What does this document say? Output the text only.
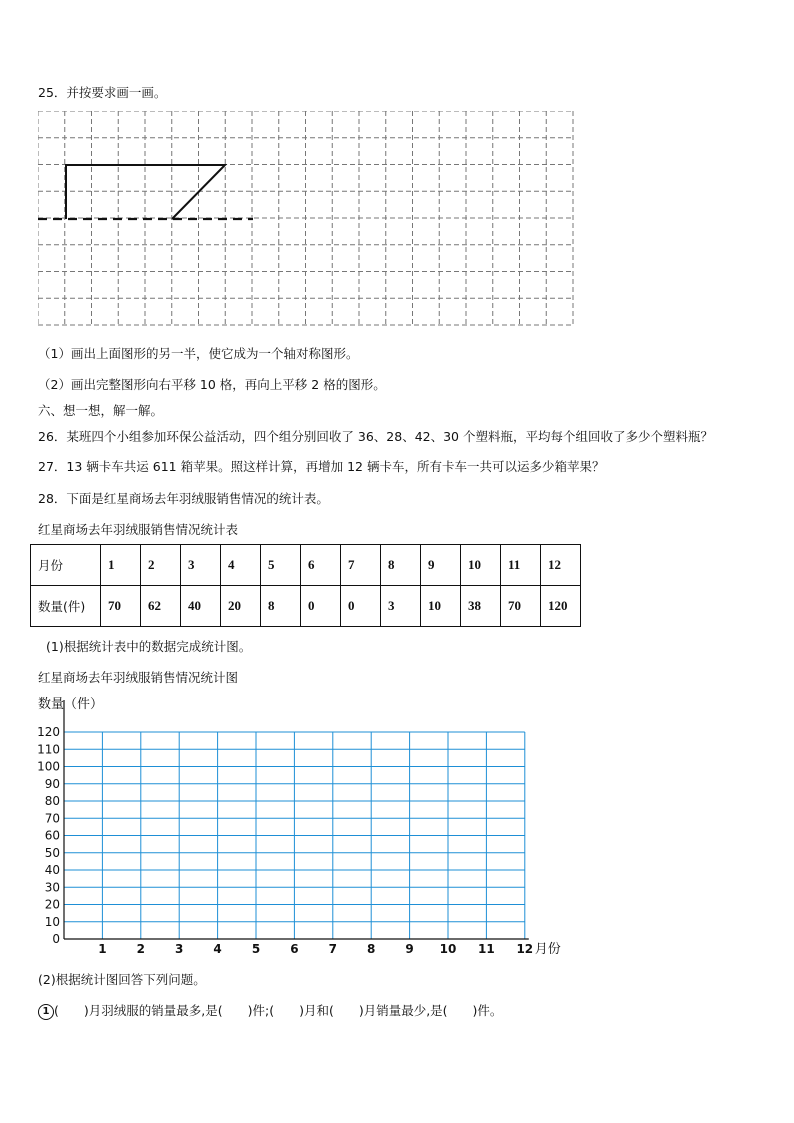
25．并按要求画一画。
（1）画出上面图形的另一半，使它成为一个轴对称图形。
（2）画出完整图形向右平移 10 格，再向上平移 2 格的图形。
六、想一想，解一解。
26．某班四个小组参加环保公益活动，四个组分别回收了 36、28、42、30 个塑料瓶，平均每个组回收了多少个塑料瓶？
27．13 辆卡车共运 611 箱苹果。照这样计算，再增加 12 辆卡车，所有卡车一共可以运多少箱苹果？
28．下面是红星商场去年羽绒服销售情况的统计表。
红星商场去年羽绒服销售情况统计表
月份	1	2	3	4	5	6	7	8	9	10	11	12
数量(件)	70	62	40	20	8	0	0	3	10	38	70	120
(1)根据统计表中的数据完成统计图。
红星商场去年羽绒服销售情况统计图
0
10
20
30
40
50
60
70
80
90
100
110
120
1	2	3	4	5	6	7	8	9 10 11 12
数量（件）
月份
(2)根据统计图回答下列问题。
1 (　　)月羽绒服的销量最多,是(　　)件;(　　)月和(　　)月销量最少,是(　　)件。
